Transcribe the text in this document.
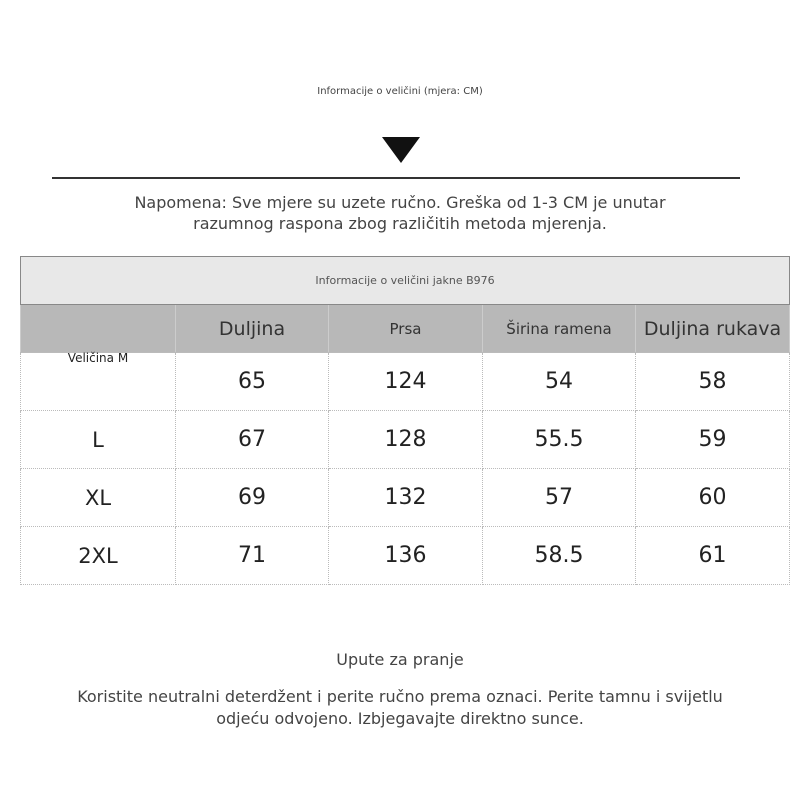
Informacije o veličini (mjera: CM)
Napomena: Sve mjere su uzete ručno. Greška od 1-3 CM je unutar
razumnog raspona zbog različitih metoda mjerenja.
Informacije o veličini jakne B976				
	Duljina	Prsa	Širina ramena	Duljina rukava
Veličina M	65	124	54	58
L	67	128	55.5	59
XL	69	132	57	60
2XL	71	136	58.5	61
Upute za pranje
Koristite neutralni deterdžent i perite ručno prema oznaci. Perite tamnu i svijetlu
odjeću odvojeno. Izbjegavajte direktno sunce.
